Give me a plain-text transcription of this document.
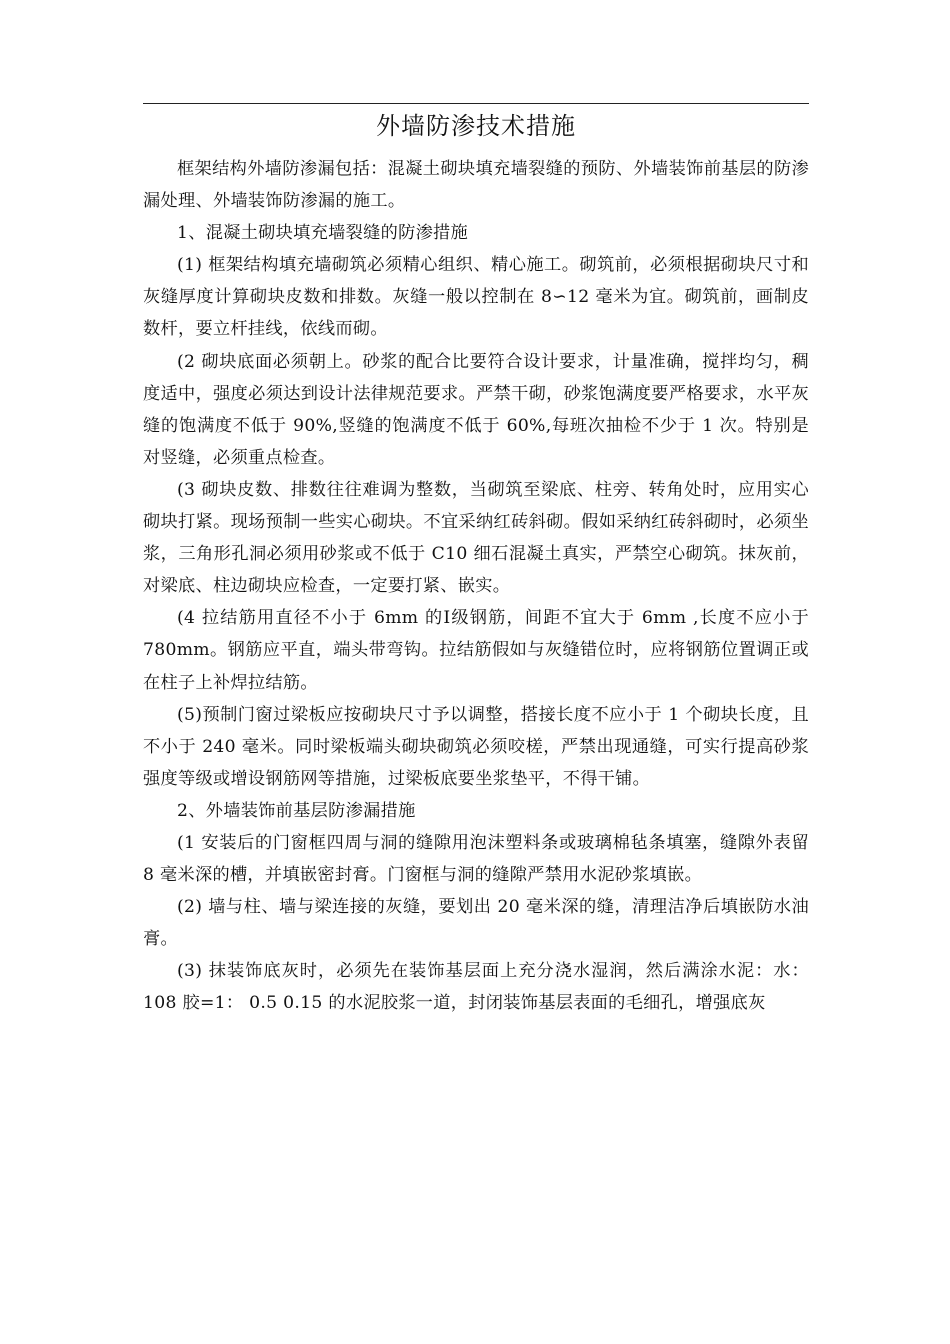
外墙防渗技术措施

框架结构外墙防渗漏包括：混凝土砌块填充墙裂缝的预防、外墙装饰前基层的防渗漏处理、外墙装饰防渗漏的施工。

1、混凝土砌块填充墙裂缝的防渗措施

(1) 框架结构填充墙砌筑必须精心组织、精心施工。砌筑前，必须根据砌块尺寸和灰缝厚度计算砌块皮数和排数。灰缝一般以控制在 8∽12 毫米为宜。砌筑前，画制皮数杆，要立杆挂线，依线而砌。

(2 砌块底面必须朝上。砂浆的配合比要符合设计要求，计量准确，搅拌均匀，稠度适中，强度必须达到设计法律规范要求。严禁干砌，砂浆饱满度要严格要求，水平灰缝的饱满度不低于 90%,竖缝的饱满度不低于 60%,每班次抽检不少于 1 次。特别是对竖缝，必须重点检查。

(3 砌块皮数、排数往往难调为整数，当砌筑至梁底、柱旁、转角处时，应用实心砌块打紧。现场预制一些实心砌块。不宜采纳红砖斜砌。假如采纳红砖斜砌时，必须坐浆，三角形孔洞必须用砂浆或不低于 C10 细石混凝土真实，严禁空心砌筑。抹灰前，对梁底、柱边砌块应检查，一定要打紧、嵌实。

(4 拉结筋用直径不小于 6mm 的Ⅰ级钢筋，间距不宜大于 6mm ,长度不应小于 780mm。钢筋应平直，端头带弯钩。拉结筋假如与灰缝错位时，应将钢筋位置调正或在柱子上补焊拉结筋。

(5)预制门窗过梁板应按砌块尺寸予以调整，搭接长度不应小于 1 个砌块长度，且不小于 240 毫米。同时梁板端头砌块砌筑必须咬槎，严禁出现通缝，可实行提高砂浆强度等级或增设钢筋网等措施，过梁板底要坐浆垫平，不得干铺。

2、外墙装饰前基层防渗漏措施

(1 安装后的门窗框四周与洞的缝隙用泡沫塑料条或玻璃棉毡条填塞，缝隙外表留 8 毫米深的槽，并填嵌密封膏。门窗框与洞的缝隙严禁用水泥砂浆填嵌。

(2) 墙与柱、墙与梁连接的灰缝，要划出 20 毫米深的缝，清理洁净后填嵌防水油膏。

(3) 抹装饰底灰时，必须先在装饰基层面上充分浇水湿润，然后满涂水泥：水：108 胶=1： 0.5 0.15 的水泥胶浆一道，封闭装饰基层表面的毛细孔，增强底灰
